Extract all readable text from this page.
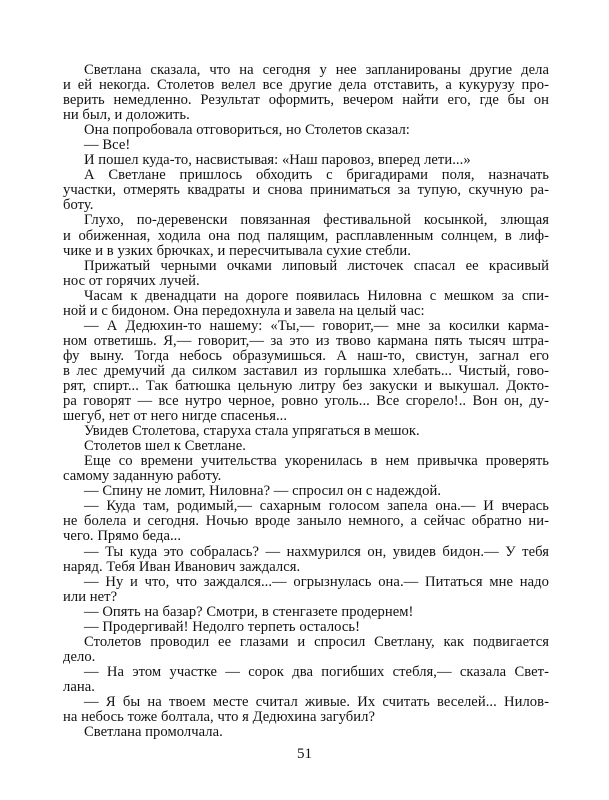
Светлана сказала, что на сегодня у нее запланированы другие дела
и ей некогда. Столетов велел все другие дела отставить, а кукурузу про-
верить немедленно. Результат оформить, вечером найти его, где бы он
ни был, и доложить.
Она попробовала отговориться, но Столетов сказал:
— Все!
И пошел куда-то, насвистывая: «Наш паровоз, вперед лети...»
А Светлане пришлось обходить с бригадирами поля, назначать
участки, отмерять квадраты и снова приниматься за тупую, скучную ра-
боту.
Глухо, по-деревенски повязанная фестивальной косынкой, злющая
и обиженная, ходила она под палящим, расплавленным солнцем, в лиф-
чике и в узких брючках, и пересчитывала сухие стебли.
Прижатый черными очками липовый листочек спасал ее красивый
нос от горячих лучей.
Часам к двенадцати на дороге появилась Ниловна с мешком за спи-
ной и с бидоном. Она передохнула и завела на целый час:
— А Дедюхин-то нашему: «Ты,— говорит,— мне за косилки карма-
ном ответишь. Я,— говорит,— за это из твово кармана пять тысяч штра-
фу выну. Тогда небось образумишься. А наш-то, свистун, загнал его
в лес дремучий да силком заставил из горлышка хлебать... Чистый, гово-
рят, спирт... Так батюшка цельную литру без закуски и выкушал. Докто-
ра говорят — все нутро черное, ровно уголь... Все сгорело!.. Вон он, ду-
шегуб, нет от него нигде спасенья...
Увидев Столетова, старуха стала упрягаться в мешок.
Столетов шел к Светлане.
Еще со времени учительства укоренилась в нем привычка проверять
самому заданную работу.
— Спину не ломит, Ниловна? — спросил он с надеждой.
— Куда там, родимый,— сахарным голосом запела она.— И вчерась
не болела и сегодня. Ночью вроде заныло немного, а сейчас обратно ни-
чего. Прямо беда...
— Ты куда это собралась? — нахмурился он, увидев бидон.— У тебя
наряд. Тебя Иван Иванович заждался.
— Ну и что, что заждался...— огрызнулась она.— Питаться мне надо
или нет?
— Опять на базар? Смотри, в стенгазете продернем!
— Продергивай! Недолго терпеть осталось!
Столетов проводил ее глазами и спросил Светлану, как подвигается
дело.
— На этом участке — сорок два погибших стебля,— сказала Свет-
лана.
— Я бы на твоем месте считал живые. Их считать веселей... Нилов-
на небось тоже болтала, что я Дедюхина загубил?
Светлана промолчала.
51
